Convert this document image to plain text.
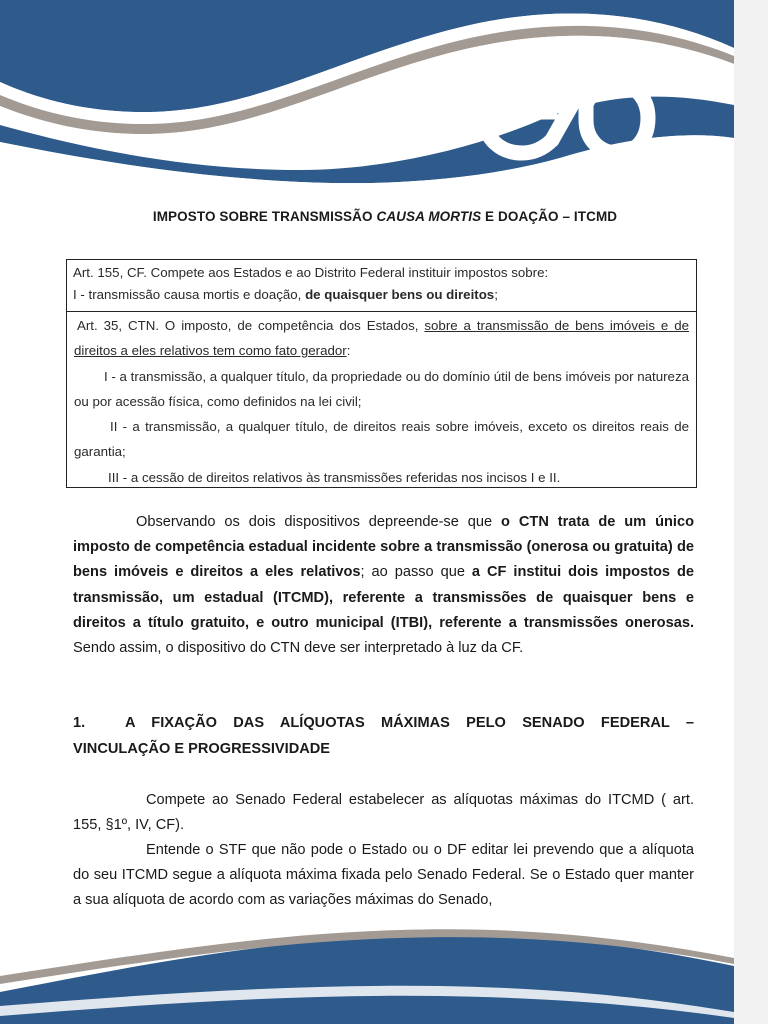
IMPOSTO SOBRE TRANSMISSÃO CAUSA MORTIS E DOAÇÃO – ITCMD

Art. 155, CF. Compete aos Estados e ao Distrito Federal instituir impostos sobre:

I - transmissão causa mortis e doação, de quaisquer bens ou direitos;

Art. 35, CTN. O imposto, de competência dos Estados, sobre a transmissão de bens imóveis e de direitos a eles relativos tem como fato gerador:

I - a transmissão, a qualquer título, da propriedade ou do domínio útil de bens imóveis por natureza ou por acessão física, como definidos na lei civil;

II - a transmissão, a qualquer título, de direitos reais sobre imóveis, exceto os direitos reais de garantia;

III - a cessão de direitos relativos às transmissões referidas nos incisos I e II.

Observando os dois dispositivos depreende-se que o CTN trata de um único imposto de competência estadual incidente sobre a transmissão (onerosa ou gratuita) de bens imóveis e direitos a eles relativos; ao passo que a CF institui dois impostos de transmissão, um estadual (ITCMD), referente a transmissões de quaisquer bens e direitos a título gratuito, e outro municipal (ITBI), referente a transmissões onerosas. Sendo assim, o dispositivo do CTN deve ser interpretado à luz da CF.

1.	A FIXAÇÃO DAS ALÍQUOTAS MÁXIMAS PELO SENADO FEDERAL – VINCULAÇÃO E PROGRESSIVIDADE

Compete ao Senado Federal estabelecer as alíquotas máximas do ITCMD ( art. 155, §1º, IV, CF).

Entende o STF que não pode o Estado ou o DF editar lei prevendo que a alíquota do seu ITCMD segue a alíquota máxima fixada pelo Senado Federal. Se o Estado quer manter a sua alíquota de acordo com as variações máximas do Senado,
